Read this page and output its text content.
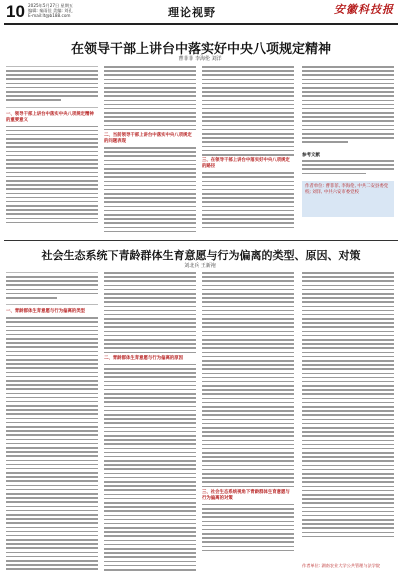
10 2025年5月27日 星期五
编辑: 秦雨佳 美编: 刘孔
E-mail:lt@b188.com	理论视野	安徽科技报
在领导干部上讲台中落实好中央八项规定精神
曹菲菲 李海伦 刘洋
一、领导干部上讲台中落实中央八项规定精神的重要意义
二、当前领导干部上讲台中落实中央八项规定的问题表现
三、在领导干部上讲台中落实好中央八项规定的路径
参考文献
作者单位: 曹菲菲, 李海伦, 中共二安县委党校; 刘洋, 中共六安市委党校
社会生态系统下青龄群体生育意愿与行为偏离的类型、原因、对策
刘北兵 王新袍
一、青龄群体生育意愿与行为偏离的类型
二、青龄群体生育意愿与行为偏离的原因
三、社会生态系统视角下青龄群体生育意愿与行为偏离的对策
作者单位: 湖南农业大学公共管理与法学院
